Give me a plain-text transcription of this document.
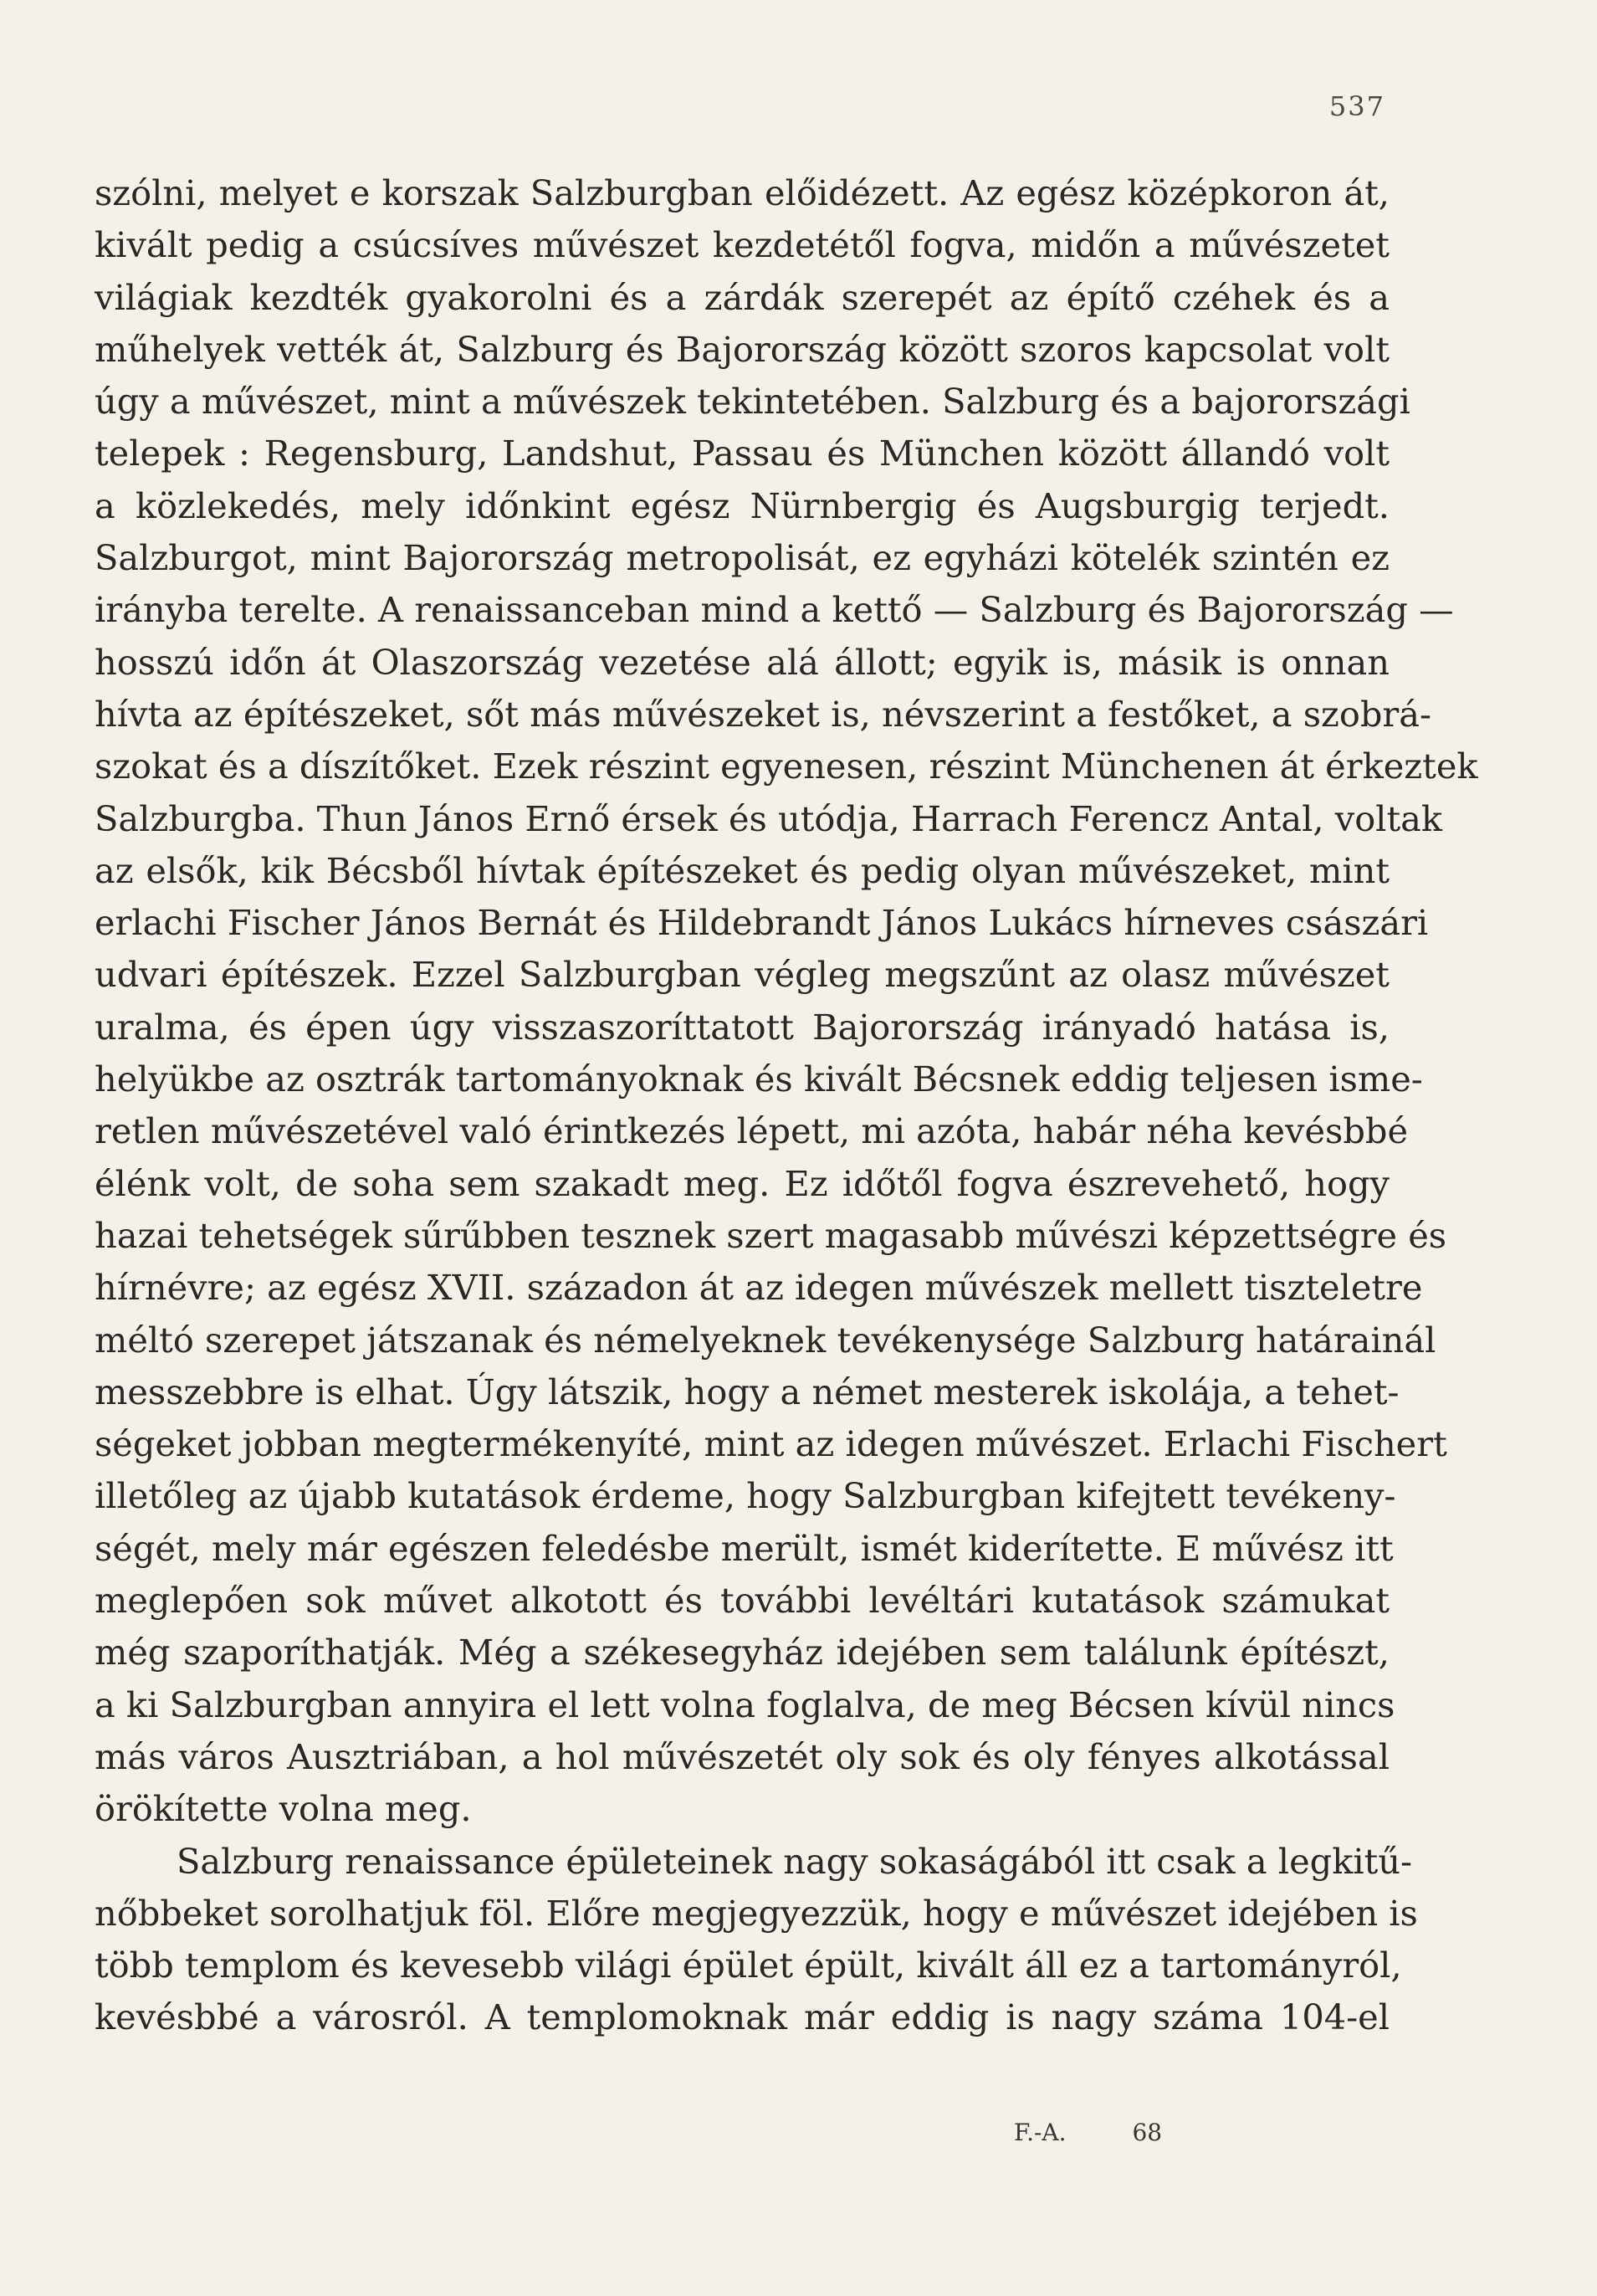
537
szólni, melyet e korszak Salzburgban előidézett. Az egész középkoron át,
kivált pedig a csúcsíves művészet kezdetétől fogva, midőn a művészetet
világiak kezdték gyakorolni és a zárdák szerepét az építő czéhek és a
műhelyek vették át, Salzburg és Bajorország között szoros kapcsolat volt
úgy a művészet, mint a művészek tekintetében. Salzburg és a bajorországi
telepek : Regensburg, Landshut, Passau és München között állandó volt
a közlekedés, mely időnkint egész Nürnbergig és Augsburgig terjedt.
Salzburgot, mint Bajorország metropolisát, ez egyházi kötelék szintén ez
irányba terelte. A renaissanceban mind a kettő — Salzburg és Bajorország —
hosszú időn át Olaszország vezetése alá állott; egyik is, másik is onnan
hívta az építészeket, sőt más művészeket is, névszerint a festőket, a szobrá-
szokat és a díszítőket. Ezek részint egyenesen, részint Münchenen át érkeztek
Salzburgba. Thun János Ernő érsek és utódja, Harrach Ferencz Antal, voltak
az elsők, kik Bécsből hívtak építészeket és pedig olyan művészeket, mint
erlachi Fischer János Bernát és Hildebrandt János Lukács hírneves császári
udvari építészek. Ezzel Salzburgban végleg megszűnt az olasz művészet
uralma, és épen úgy visszaszoríttatott Bajorország irányadó hatása is,
helyükbe az osztrák tartományoknak és kivált Bécsnek eddig teljesen isme-
retlen művészetével való érintkezés lépett, mi azóta, habár néha kevésbbé
élénk volt, de soha sem szakadt meg. Ez időtől fogva észrevehető, hogy
hazai tehetségek sűrűbben tesznek szert magasabb művészi képzettségre és
hírnévre; az egész XVII. századon át az idegen művészek mellett tiszteletre
méltó szerepet játszanak és némelyeknek tevékenysége Salzburg határainál
messzebbre is elhat. Úgy látszik, hogy a német mesterek iskolája, a tehet-
ségeket jobban megtermékenyíté, mint az idegen művészet. Erlachi Fischert
illetőleg az újabb kutatások érdeme, hogy Salzburgban kifejtett tevékeny-
ségét, mely már egészen feledésbe merült, ismét kiderítette. E művész itt
meglepően sok művet alkotott és további levéltári kutatások számukat
még szaporíthatják. Még a székesegyház idejében sem találunk építészt,
a ki Salzburgban annyira el lett volna foglalva, de meg Bécsen kívül nincs
más város Ausztriában, a hol művészetét oly sok és oly fényes alkotással
örökítette volna meg.
Salzburg renaissance épületeinek nagy sokaságából itt csak a legkitű-
nőbbeket sorolhatjuk föl. Előre megjegyezzük, hogy e művészet idejében is
több templom és kevesebb világi épület épült, kivált áll ez a tartományról,
kevésbbé a városról. A templomoknak már eddig is nagy száma 104-el
F.-A.	68
